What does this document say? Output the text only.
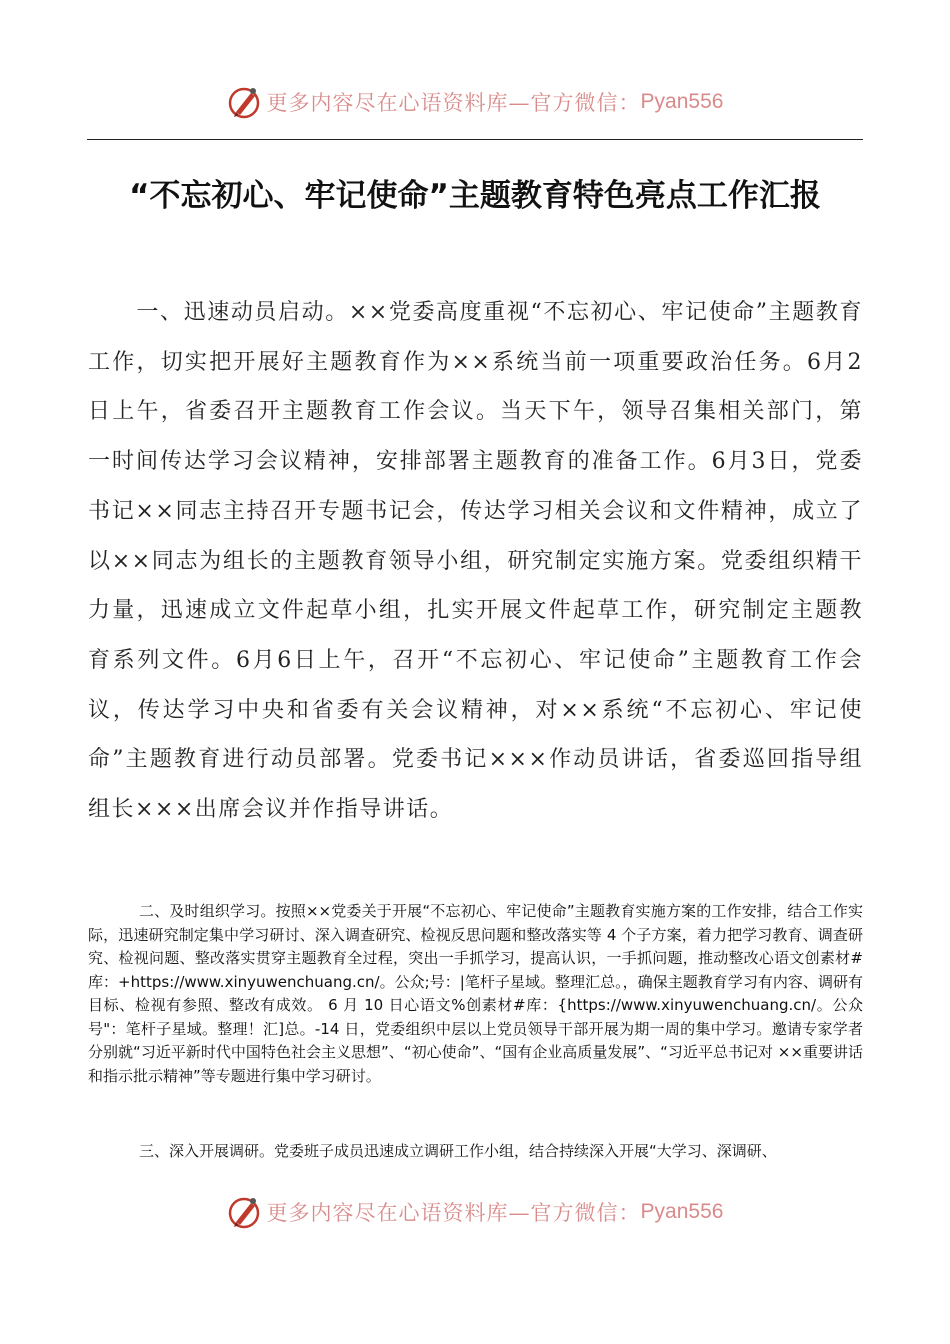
更多内容尽在心语资料库—官方微信： Pyan556
“不忘初心、牢记使命”主题教育特色亮点工作汇报

一、迅速动员启动。××党委高度重视“不忘初心、牢记使命”主题教育工作，切实把开展好主题教育作为××系统当前一项重要政治任务。6月2日上午，省委召开主题教育工作会议。当天下午，领导召集相关部门，第一时间传达学习会议精神，安排部署主题教育的准备工作。6月3日，党委书记××同志主持召开专题书记会，传达学习相关会议和文件精神，成立了以××同志为组长的主题教育领导小组，研究制定实施方案。党委组织精干力量，迅速成立文件起草小组，扎实开展文件起草工作，研究制定主题教育系列文件。6月6日上午，召开“不忘初心、牢记使命”主题教育工作会议，传达学习中央和省委有关会议精神，对××系统“不忘初心、牢记使命”主题教育进行动员部署。党委书记×××作动员讲话，省委巡回指导组组长×××出席会议并作指导讲话。

二、及时组织学习。按照××党委关于开展“不忘初心、牢记使命”主题教育实施方案的工作安排，结合工作实际，迅速研究制定集中学习研讨、深入调查研究、检视反思问题和整改落实等 4 个子方案，着力把学习教育、调查研究、检视问题、整改落实贯穿主题教育全过程，突出一手抓学习，提高认识，一手抓问题，推动整改心语文创素材#库：+https://www.xinyuwenchuang.cn/。公众;号：|笔杆子星域。整理汇总。，确保主题教育学习有内容、调研有目标、检视有参照、整改有成效。 6 月 10 日心语文%创素材#库：{https://www.xinyuwenchuang.cn/。公众号"：笔杆子星域。整理！汇]总。-14 日，党委组织中层以上党员领导干部开展为期一周的集中学习。邀请专家学者分别就“习近平新时代中国特色社会主义思想”、“初心使命”、“国有企业高质量发展”、“习近平总书记对 ××重要讲话和指示批示精神”等专题进行集中学习研讨。

三、深入开展调研。党委班子成员迅速成立调研工作小组，结合持续深入开展“大学习、深调研、

更多内容尽在心语资料库—官方微信： Pyan556
